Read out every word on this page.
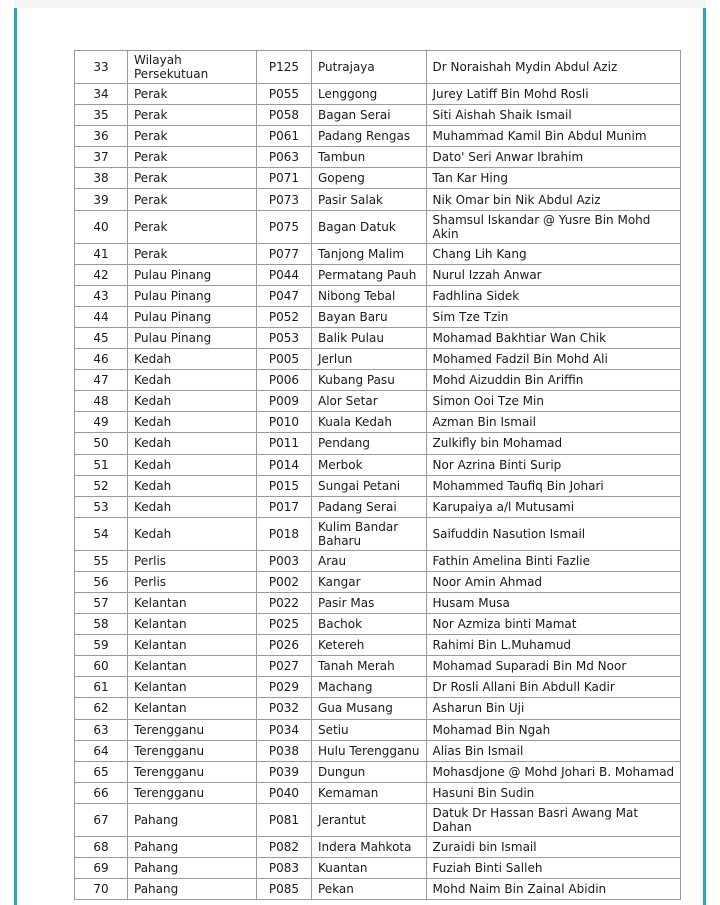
33	Wilayah Persekutuan	P125	Putrajaya	Dr Noraishah Mydin Abdul Aziz
34	Perak	P055	Lenggong	Jurey Latiff Bin Mohd Rosli
35	Perak	P058	Bagan Serai	Siti Aishah Shaik Ismail
36	Perak	P061	Padang Rengas	Muhammad Kamil Bin Abdul Munim
37	Perak	P063	Tambun	Dato' Seri Anwar Ibrahim
38	Perak	P071	Gopeng	Tan Kar Hing
39	Perak	P073	Pasir Salak	Nik Omar bin Nik Abdul Aziz
40	Perak	P075	Bagan Datuk	Shamsul Iskandar @ Yusre Bin Mohd Akin
41	Perak	P077	Tanjong Malim	Chang Lih Kang
42	Pulau Pinang	P044	Permatang Pauh	Nurul Izzah Anwar
43	Pulau Pinang	P047	Nibong Tebal	Fadhlina Sidek
44	Pulau Pinang	P052	Bayan Baru	Sim Tze Tzin
45	Pulau Pinang	P053	Balik Pulau	Mohamad Bakhtiar Wan Chik
46	Kedah	P005	Jerlun	Mohamed Fadzil Bin Mohd Ali
47	Kedah	P006	Kubang Pasu	Mohd Aizuddin Bin Ariffin
48	Kedah	P009	Alor Setar	Simon Ooi Tze Min
49	Kedah	P010	Kuala Kedah	Azman Bin Ismail
50	Kedah	P011	Pendang	Zulkifly bin Mohamad
51	Kedah	P014	Merbok	Nor Azrina Binti Surip
52	Kedah	P015	Sungai Petani	Mohammed Taufiq Bin Johari
53	Kedah	P017	Padang Serai	Karupaiya a/l Mutusami
54	Kedah	P018	Kulim Bandar Baharu	Saifuddin Nasution Ismail
55	Perlis	P003	Arau	Fathin Amelina Binti Fazlie
56	Perlis	P002	Kangar	Noor Amin Ahmad
57	Kelantan	P022	Pasir Mas	Husam Musa
58	Kelantan	P025	Bachok	Nor Azmiza binti Mamat
59	Kelantan	P026	Ketereh	Rahimi Bin L.Muhamud
60	Kelantan	P027	Tanah Merah	Mohamad Suparadi Bin Md Noor
61	Kelantan	P029	Machang	Dr Rosli Allani Bin Abdull Kadir
62	Kelantan	P032	Gua Musang	Asharun Bin Uji
63	Terengganu	P034	Setiu	Mohamad Bin Ngah
64	Terengganu	P038	Hulu Terengganu	Alias Bin Ismail
65	Terengganu	P039	Dungun	Mohasdjone @ Mohd Johari B. Mohamad
66	Terengganu	P040	Kemaman	Hasuni Bin Sudin
67	Pahang	P081	Jerantut	Datuk Dr Hassan Basri Awang Mat Dahan
68	Pahang	P082	Indera Mahkota	Zuraidi bin Ismail
69	Pahang	P083	Kuantan	Fuziah Binti Salleh
70	Pahang	P085	Pekan	Mohd Naim Bin Zainal Abidin
